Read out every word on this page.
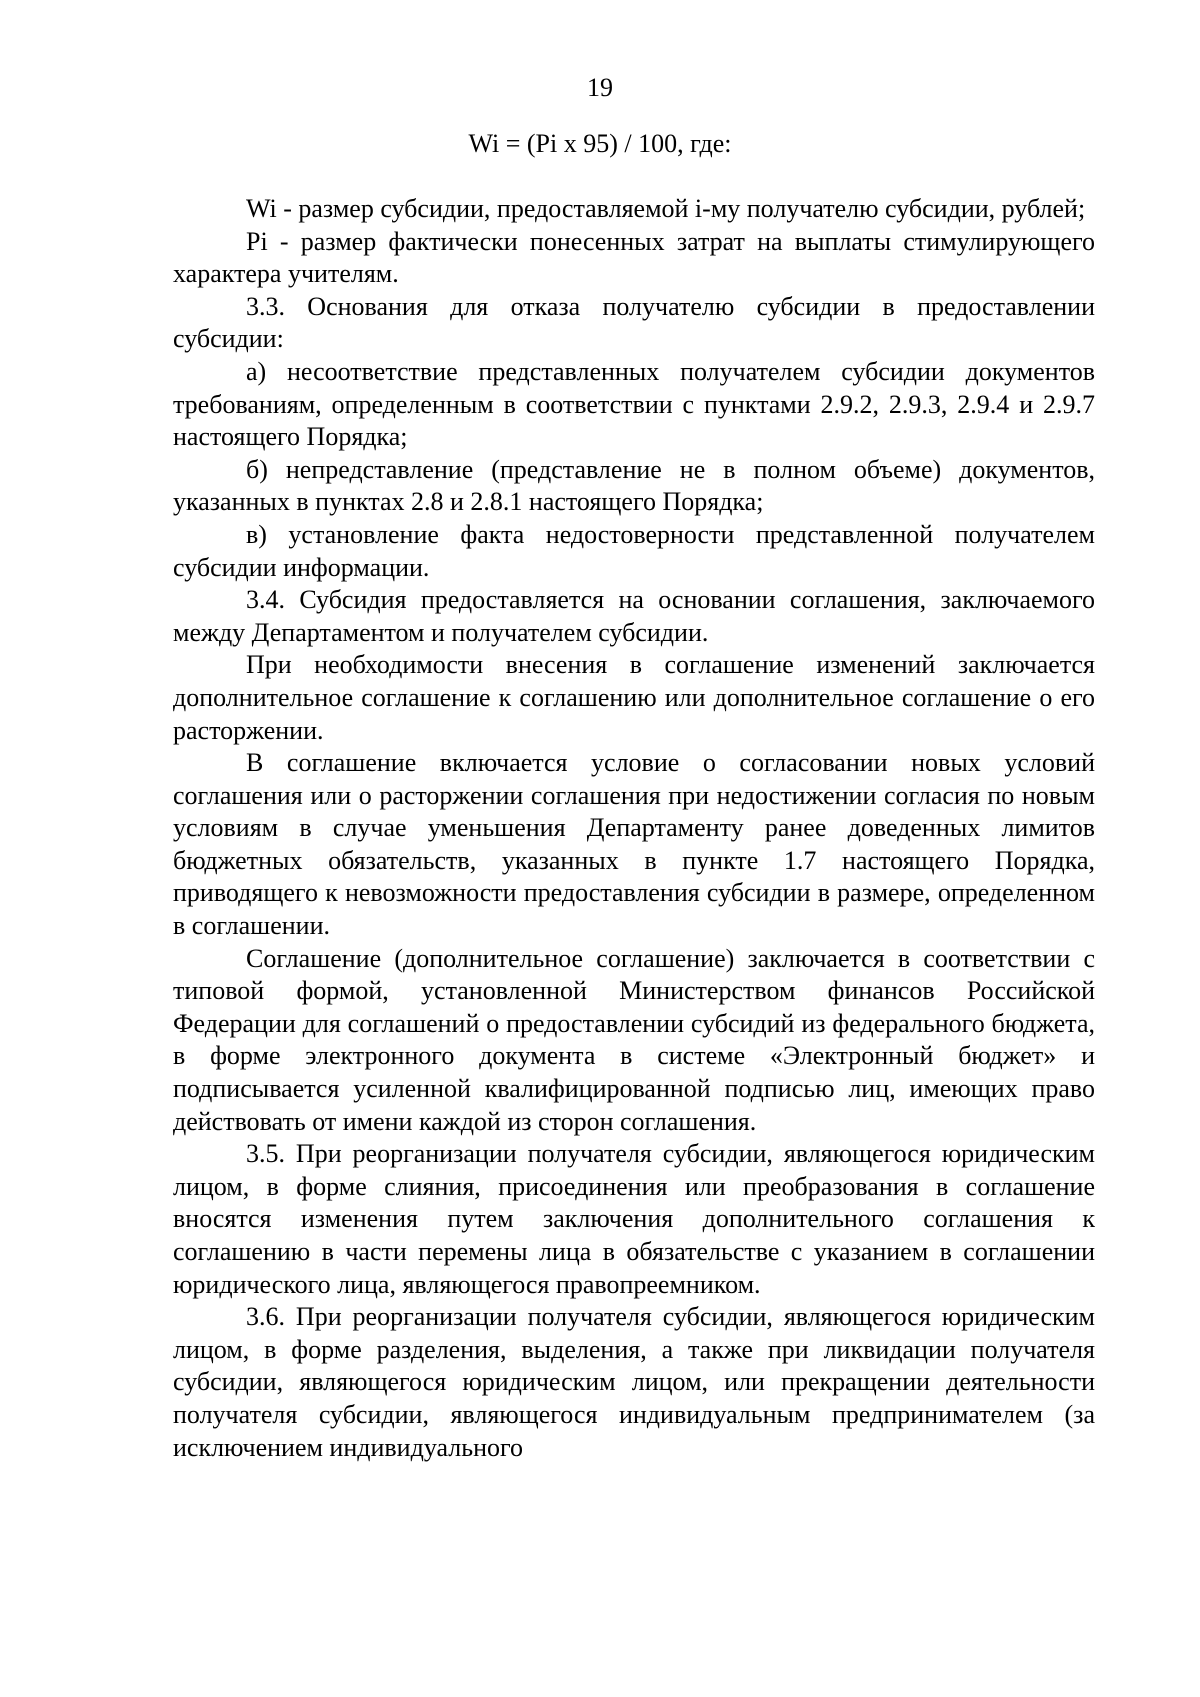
19
Wi = (Pi x 95) / 100, где:

Wi - размер субсидии, предоставляемой i-му получателю субсидии, рублей;

Pi - размер фактически понесенных затрат на выплаты стимулирующего характера учителям.

3.3. Основания для отказа получателю субсидии в предоставлении субсидии:

а) несоответствие представленных получателем субсидии документов требованиям, определенным в соответствии с пунктами 2.9.2, 2.9.3, 2.9.4 и 2.9.7 настоящего Порядка;

б) непредставление (представление не в полном объеме) документов, указанных в пунктах 2.8 и 2.8.1 настоящего Порядка;

в) установление факта недостоверности представленной получателем субсидии информации.

3.4. Субсидия предоставляется на основании соглашения, заключаемого между Департаментом и получателем субсидии.

При необходимости внесения в соглашение изменений заключается дополнительное соглашение к соглашению или дополнительное соглашение о его расторжении.

В соглашение включается условие о согласовании новых условий соглашения или о расторжении соглашения при недостижении согласия по новым условиям в случае уменьшения Департаменту ранее доведенных лимитов бюджетных обязательств, указанных в пункте 1.7 настоящего Порядка, приводящего к невозможности предоставления субсидии в размере, определенном в соглашении.

Соглашение (дополнительное соглашение) заключается в соответствии с типовой формой, установленной Министерством финансов Российской Федерации для соглашений о предоставлении субсидий из федерального бюджета, в форме электронного документа в системе «Электронный бюджет» и подписывается усиленной квалифицированной подписью лиц, имеющих право действовать от имени каждой из сторон соглашения.

3.5. При реорганизации получателя субсидии, являющегося юридическим лицом, в форме слияния, присоединения или преобразования в соглашение вносятся изменения путем заключения дополнительного соглашения к соглашению в части перемены лица в обязательстве с указанием в соглашении юридического лица, являющегося правопреемником.

3.6. При реорганизации получателя субсидии, являющегося юридическим лицом, в форме разделения, выделения, а также при ликвидации получателя субсидии, являющегося юридическим лицом, или прекращении деятельности получателя субсидии, являющегося индивидуальным предпринимателем (за исключением индивидуального
